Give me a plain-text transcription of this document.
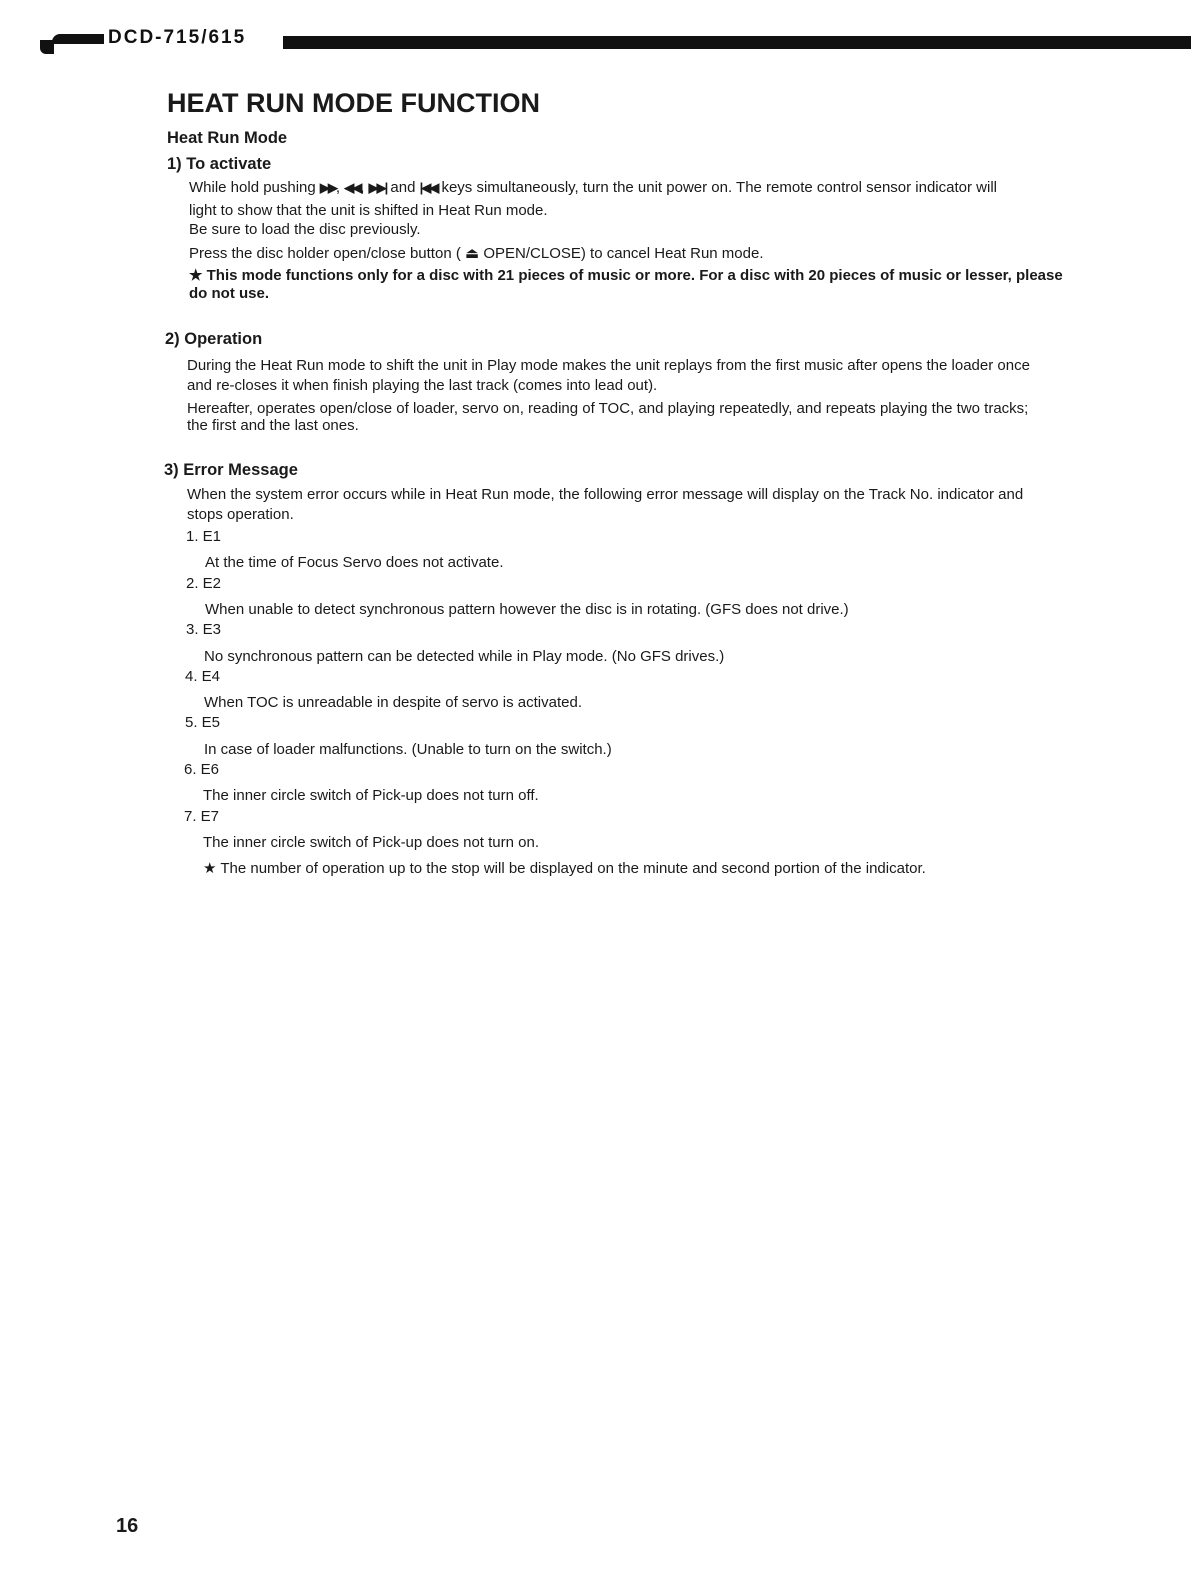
DCD-715/615
HEAT RUN MODE FUNCTION
Heat Run Mode
1) To activate
While hold pushing ▶▶, ◀◀, ▶▶| and |◀◀ keys simultaneously, turn the unit power on. The remote control sensor indicator will
light to show that the unit is shifted in Heat Run mode.
Be sure to load the disc previously.
Press the disc holder open/close button ( ⏏ OPEN/CLOSE) to cancel Heat Run mode.
★ This mode functions only for a disc with 21 pieces of music or more. For a disc with 20 pieces of music or lesser, please
do not use.
2) Operation
During the Heat Run mode to shift the unit in Play mode makes the unit replays from the first music after opens the loader once
and re-closes it when finish playing the last track (comes into lead out).
Hereafter, operates open/close of loader, servo on, reading of TOC, and playing repeatedly, and repeats playing the two tracks;
the first and the last ones.
3) Error Message
When the system error occurs while in Heat Run mode, the following error message will display on the Track No. indicator and
stops operation.
1. E1
At the time of Focus Servo does not activate.
2. E2
When unable to detect synchronous pattern however the disc is in rotating. (GFS does not drive.)
3. E3
No synchronous pattern can be detected while in Play mode. (No GFS drives.)
4. E4
When TOC is unreadable in despite of servo is activated.
5. E5
In case of loader malfunctions. (Unable to turn on the switch.)
6. E6
The inner circle switch of Pick-up does not turn off.
7. E7
The inner circle switch of Pick-up does not turn on.
★ The number of operation up to the stop will be displayed on the minute and second portion of the indicator.
16
